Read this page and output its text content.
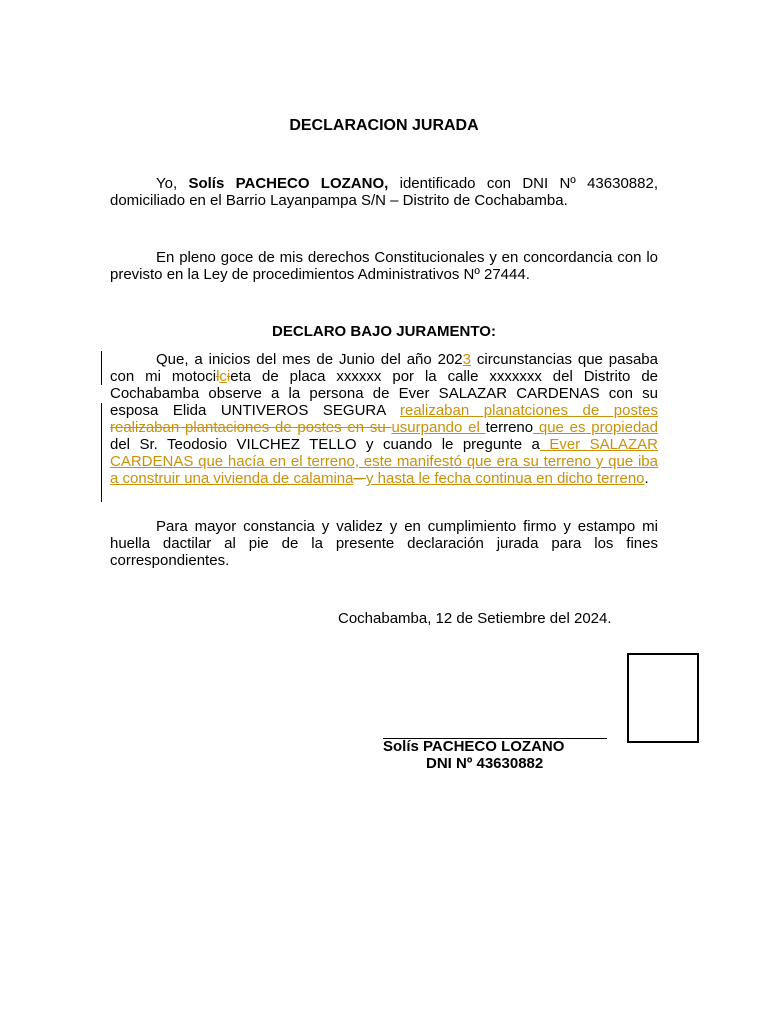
DECLARACION JURADA

Yo, Solís PACHECO LOZANO, identificado con DNI Nº 43630882, domiciliado en el Barrio Layanpampa S/N – Distrito de Cochabamba.

En pleno goce de mis derechos Constitucionales y en concordancia con lo previsto en la Ley de procedimientos Administrativos Nº 27444.

DECLARO BAJO JURAMENTO:

Que, a inicios del mes de Junio del año 2023 circunstancias que pasaba con mi motocilcieta de placa xxxxxx por la calle xxxxxxx del Distrito de Cochabamba observe a la persona de Ever SALAZAR CARDENAS con su esposa Elida UNTIVEROS SEGURA realizaban planatciones de postes realizaban plantaciones de postes en su usurpando el terreno que es propiedad del Sr. Teodosio VILCHEZ TELLO y cuando le pregunte a Ever SALAZAR CARDENAS que hacía en el terreno, este manifestó que era su terreno y que iba a construir una vivienda de calamina– y hasta le fecha continua en dicho terreno.

Para mayor constancia y validez y en cumplimiento firmo y estampo mi huella dactilar al pie de la presente declaración jurada para los fines correspondientes.

Cochabamba, 12 de Setiembre del 2024.
Solís PACHECO LOZANO
DNI Nº 43630882
